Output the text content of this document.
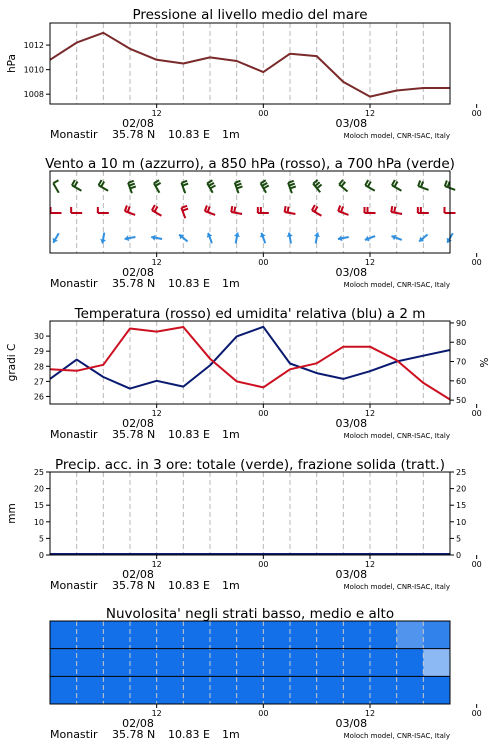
1008
1010
1012
12	00	12	00
02/08	03/08
Monastir 35.78 N 10.83 E 1m	Moloch model, CNR-ISAC, Italy
Pressione al livello medio del mare
hPa
12	00	12	00
02/08	03/08
Monastir 35.78 N 10.83 E 1m	Moloch model, CNR-ISAC, Italy
Vento a 10 m (azzurro), a 850 hPa (rosso), a 700 hPa (verde)
26
27
28
29
30
50
60
70
80
90
12	00	12	00
02/08	03/08
Monastir 35.78 N 10.83 E 1m	Moloch model, CNR-ISAC, Italy
Temperatura (rosso) ed umidita' relativa (blu) a 2 m
gradi C	%
0
5
10
15
20
25
0
5
10
15
20
25
12	00	12	00
02/08	03/08
Monastir 35.78 N 10.83 E 1m	Moloch model, CNR-ISAC, Italy
Precip. acc. in 3 ore: totale (verde), frazione solida (tratt.)
mm
12	00	12	00
02/08	03/08
Monastir 35.78 N 10.83 E 1m	Moloch model, CNR-ISAC, Italy
Nuvolosita' negli strati basso, medio e alto
